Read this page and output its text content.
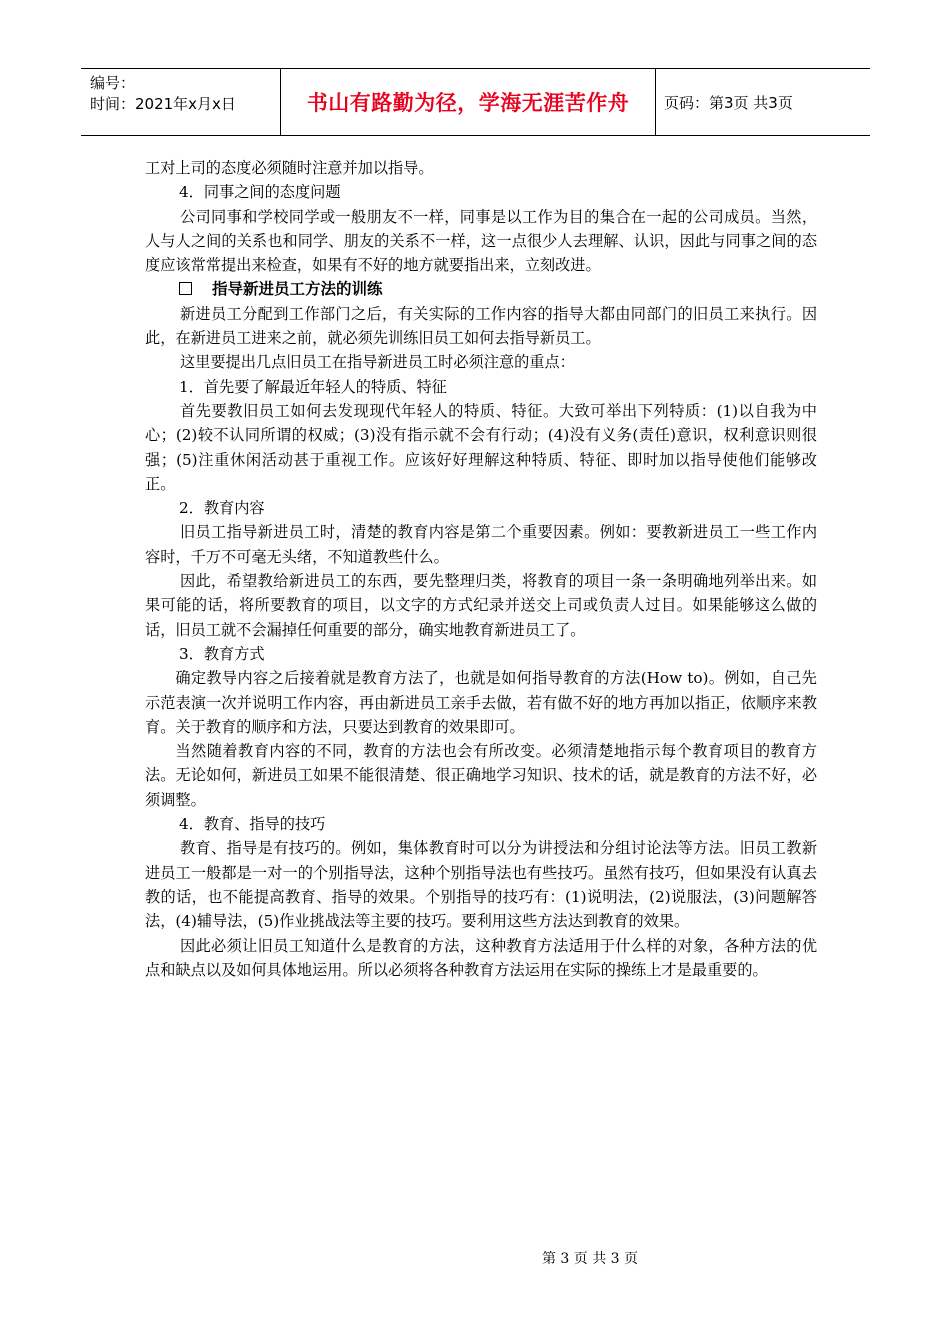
编号：
时间：2021年x月x日	书山有路勤为径，学海无涯苦作舟 页码：第3页 共3页

工对上司的态度必须随时注意并加以指导。

4．同事之间的态度问题

公司同事和学校同学或一般朋友不一样，同事是以工作为目的集合在一起的公司成员。当然，人与人之间的关系也和同学、朋友的关系不一样，这一点很少人去理解、认识，因此与同事之间的态度应该常常提出来检查，如果有不好的地方就要指出来，立刻改进。

指导新进员工方法的训练

新进员工分配到工作部门之后，有关实际的工作内容的指导大都由同部门的旧员工来执行。因此，在新进员工进来之前，就必须先训练旧员工如何去指导新员工。

这里要提出几点旧员工在指导新进员工时必须注意的重点：

1．首先要了解最近年轻人的特质、特征

首先要教旧员工如何去发现现代年轻人的特质、特征。大致可举出下列特质：(1)以自我为中心；(2)较不认同所谓的权威；(3)没有指示就不会有行动；(4)没有义务(责任)意识，权利意识则很强；(5)注重休闲活动甚于重视工作。应该好好理解这种特质、特征、即时加以指导使他们能够改正。

2．教育内容

旧员工指导新进员工时，清楚的教育内容是第二个重要因素。例如：要教新进员工一些工作内容时，千万不可毫无头绪，不知道教些什么。

因此，希望教给新进员工的东西，要先整理归类，将教育的项目一条一条明确地列举出来。如果可能的话，将所要教育的项目，以文字的方式纪录并送交上司或负责人过目。如果能够这么做的话，旧员工就不会漏掉任何重要的部分，确实地教育新进员工了。

3．教育方式

确定教导内容之后接着就是教育方法了，也就是如何指导教育的方法(How to)。例如，自己先示范表演一次并说明工作内容，再由新进员工亲手去做，若有做不好的地方再加以指正，依顺序来教育。关于教育的顺序和方法，只要达到教育的效果即可。

当然随着教育内容的不同，教育的方法也会有所改变。必须清楚地指示每个教育项目的教育方法。无论如何，新进员工如果不能很清楚、很正确地学习知识、技术的话，就是教育的方法不好，必须调整。

4．教育、指导的技巧

教育、指导是有技巧的。例如，集体教育时可以分为讲授法和分组讨论法等方法。旧员工教新进员工一般都是一对一的个别指导法，这种个别指导法也有些技巧。虽然有技巧，但如果没有认真去教的话，也不能提高教育、指导的效果。个别指导的技巧有：(1)说明法，(2)说服法，(3)问题解答法，(4)辅导法，(5)作业挑战法等主要的技巧。要利用这些方法达到教育的效果。

因此必须让旧员工知道什么是教育的方法，这种教育方法适用于什么样的对象，各种方法的优点和缺点以及如何具体地运用。所以必须将各种教育方法运用在实际的操练上才是最重要的。

第 3 页 共 3 页
